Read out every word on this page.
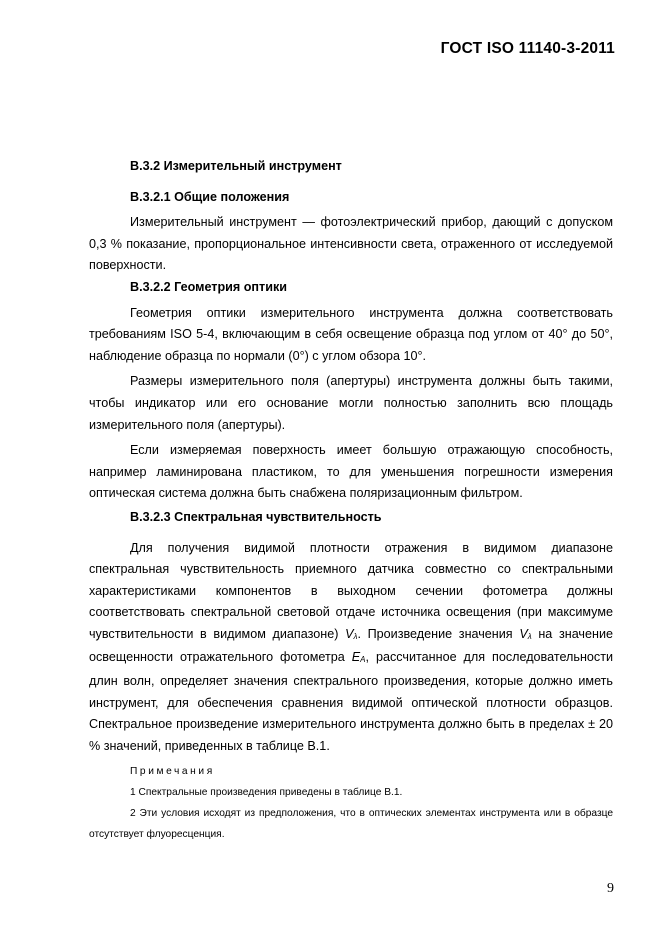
ГОСТ ISO 11140-3-2011
B.3.2 Измерительный инструмент
B.3.2.1 Общие положения

Измерительный инструмент — фотоэлектрический прибор, дающий с допуском 0,3 % показание, пропорциональное интенсивности света, отраженного от исследуемой поверхности.

B.3.2.2 Геометрия оптики

Геометрия оптики измерительного инструмента должна соответствовать требованиям ISO 5-4, включающим в себя освещение образца под углом от 40° до 50°, наблюдение образца по нормали (0°) с углом обзора 10°.

Размеры измерительного поля (апертуры) инструмента должны быть такими, чтобы индикатор или его основание могли полностью заполнить всю площадь измерительного поля (апертуры).

Если измеряемая поверхность имеет большую отражающую способность, например ламинирована пластиком, то для уменьшения погрешности измерения оптическая система должна быть снабжена поляризационным фильтром.

B.3.2.3 Спектральная чувствительность

Для получения видимой плотности отражения в видимом диапазоне спектральная чувствительность приемного датчика совместно со спектральными характеристиками компонентов в выходном сечении фотометра должны соответствовать спектральной световой отдаче источника освещения (при максимуме чувствительности в видимом диапазоне) Vλ. Произведение значения Vλ на значение освещенности отражательного фотометра EA, рассчитанное для последовательности длин волн, определяет значения спектрального произведения, которые должно иметь инструмент, для обеспечения сравнения видимой оптической плотности образцов. Спектральное произведение измерительного инструмента должно быть в пределах ± 20 % значений, приведенных в таблице В.1.

Примечания

1 Спектральные произведения приведены в таблице В.1.

2 Эти условия исходят из предположения, что в оптических элементах инструмента или в образце отсутствует флуоресценция.

9
